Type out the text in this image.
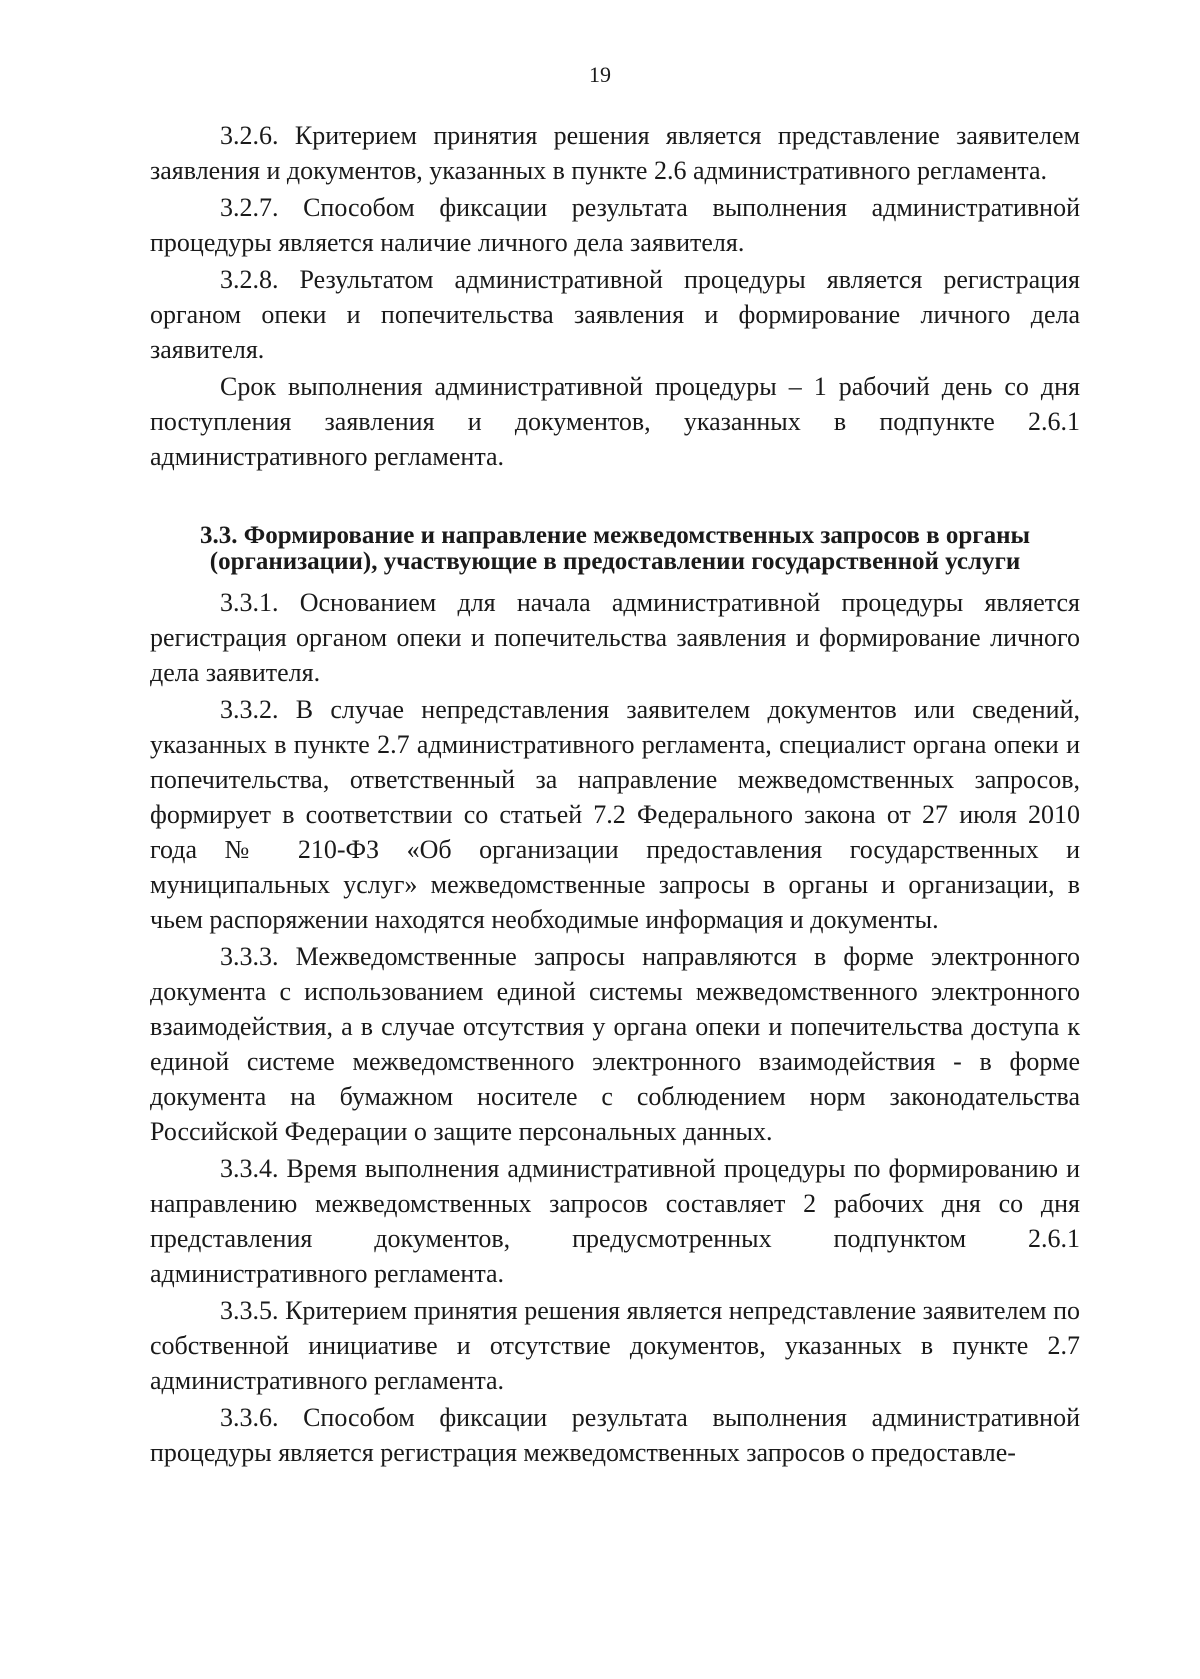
19

3.2.6. Критерием принятия решения является представление заявителем заявления и документов, указанных в пункте 2.6 административного регламента.

3.2.7. Способом фиксации результата выполнения административной процедуры является наличие личного дела заявителя.

3.2.8. Результатом административной процедуры является регистрация органом опеки и попечительства заявления и формирование личного дела заявителя.

Срок выполнения административной процедуры – 1 рабочий день со дня поступления заявления и документов, указанных в подпункте 2.6.1 административного регламента.

3.3. Формирование и направление межведомственных запросов в органы (организации), участвующие в предоставлении государственной услуги

3.3.1. Основанием для начала административной процедуры является регистрация органом опеки и попечительства заявления и формирование личного дела заявителя.

3.3.2. В случае непредставления заявителем документов или сведений, указанных в пункте 2.7 административного регламента, специалист органа опеки и попечительства, ответственный за направление межведомственных запросов, формирует в соответствии со статьей 7.2 Федерального закона от 27 июля 2010 года № 210-ФЗ «Об организации предоставления государственных и муниципальных услуг» межведомственные запросы в органы и организации, в чьем распоряжении находятся необходимые информация и документы.

3.3.3. Межведомственные запросы направляются в форме электронного документа с использованием единой системы межведомственного электронного взаимодействия, а в случае отсутствия у органа опеки и попечительства доступа к единой системе межведомственного электронного взаимодействия - в форме документа на бумажном носителе с соблюдением норм законодательства Российской Федерации о защите персональных данных.

3.3.4. Время выполнения административной процедуры по формированию и направлению межведомственных запросов составляет 2 рабочих дня со дня представления документов, предусмотренных подпунктом 2.6.1 административного регламента.

3.3.5. Критерием принятия решения является непредставление заявителем по собственной инициативе и отсутствие документов, указанных в пункте 2.7 административного регламента.

3.3.6. Способом фиксации результата выполнения административной процедуры является регистрация межведомственных запросов о предоставле-
